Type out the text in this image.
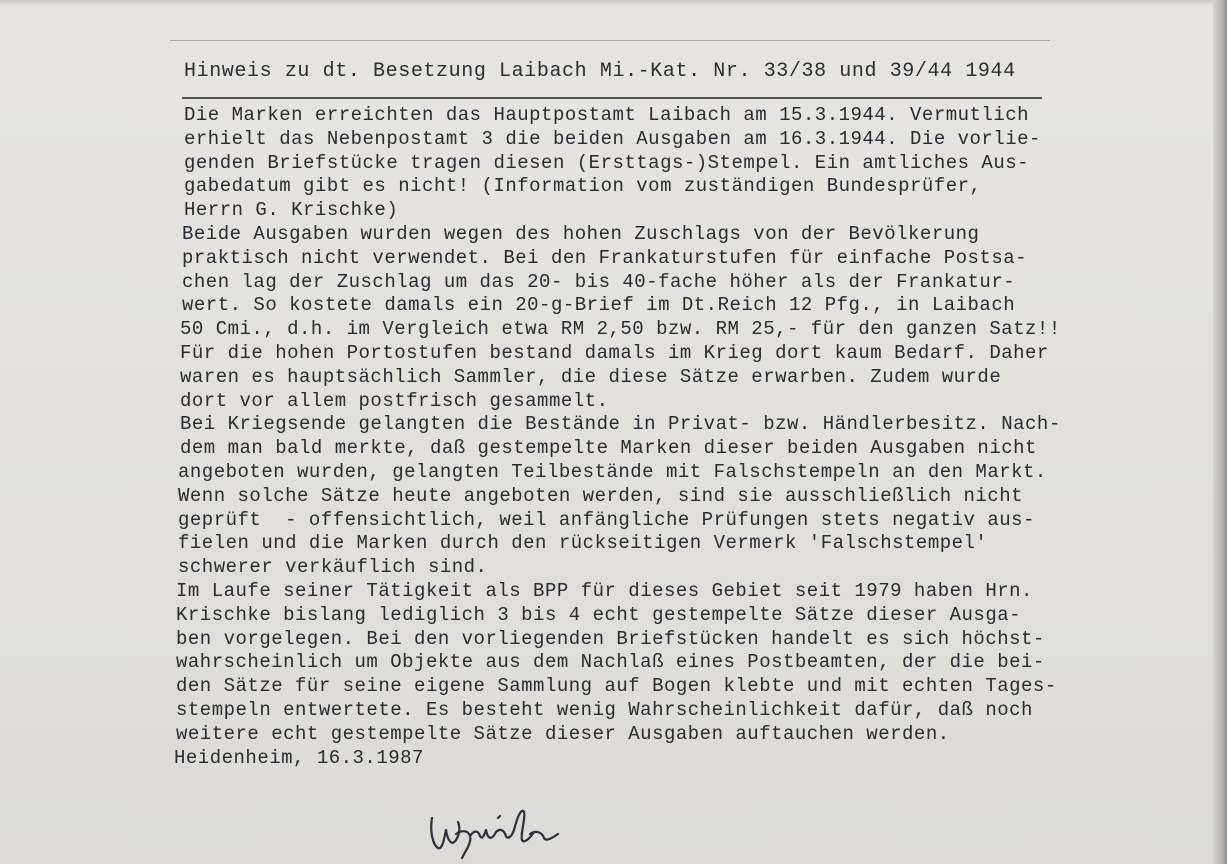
Hinweis zu dt. Besetzung Laibach Mi.-Kat. Nr. 33/38 und 39/44 1944
Die Marken erreichten das Hauptpostamt Laibach am 15.3.1944. Vermutlich
erhielt das Nebenpostamt 3 die beiden Ausgaben am 16.3.1944. Die vorlie-
genden Briefstücke tragen diesen (Ersttags-)Stempel. Ein amtliches Aus-
gabedatum gibt es nicht! (Information vom zuständigen Bundesprüfer,
Herrn G. Krischke)
Beide Ausgaben wurden wegen des hohen Zuschlags von der Bevölkerung
praktisch nicht verwendet. Bei den Frankaturstufen für einfache Postsa-
chen lag der Zuschlag um das 20- bis 40-fache höher als der Frankatur-
wert. So kostete damals ein 20-g-Brief im Dt.Reich 12 Pfg., in Laibach
50 Cmi., d.h. im Vergleich etwa RM 2,50 bzw. RM 25,- für den ganzen Satz!!
Für die hohen Portostufen bestand damals im Krieg dort kaum Bedarf. Daher
waren es hauptsächlich Sammler, die diese Sätze erwarben. Zudem wurde
dort vor allem postfrisch gesammelt.
Bei Kriegsende gelangten die Bestände in Privat- bzw. Händlerbesitz. Nach-
dem man bald merkte, daß gestempelte Marken dieser beiden Ausgaben nicht
angeboten wurden, gelangten Teilbestände mit Falschstempeln an den Markt.
Wenn solche Sätze heute angeboten werden, sind sie ausschließlich nicht
geprüft  - offensichtlich, weil anfängliche Prüfungen stets negativ aus-
fielen und die Marken durch den rückseitigen Vermerk 'Falschstempel'
schwerer verkäuflich sind.
Im Laufe seiner Tätigkeit als BPP für dieses Gebiet seit 1979 haben Hrn.
Krischke bislang lediglich 3 bis 4 echt gestempelte Sätze dieser Ausga-
ben vorgelegen. Bei den vorliegenden Briefstücken handelt es sich höchst-
wahrscheinlich um Objekte aus dem Nachlaß eines Postbeamten, der die bei-
den Sätze für seine eigene Sammlung auf Bogen klebte und mit echten Tages-
stempeln entwertete. Es besteht wenig Wahrscheinlichkeit dafür, daß noch
weitere echt gestempelte Sätze dieser Ausgaben auftauchen werden.
Heidenheim, 16.3.1987
